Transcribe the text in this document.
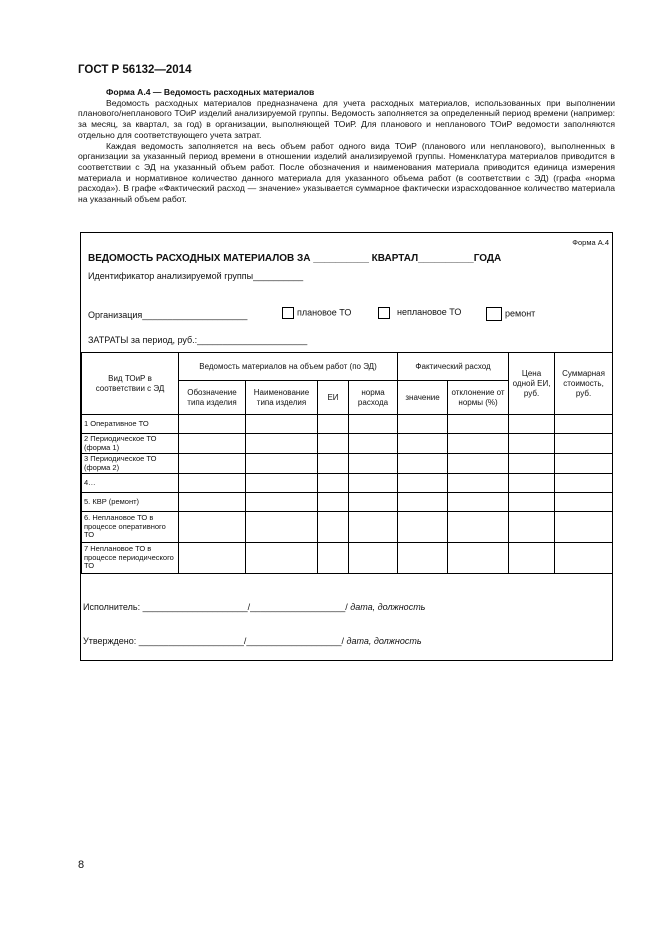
ГОСТ Р 56132—2014
Форма А.4 — Ведомость расходных материалов

Ведомость расходных материалов предназначена для учета расходных материалов, использованных при выполнении планового/непланового ТОиР изделий анализируемой группы. Ведомость заполняется за определенный период времени (например: за месяц, за квартал, за год) в организации, выполняющей ТОиР. Для планового и непланового ТОиР ведомости заполняются отдельно для соответствующего учета затрат.

Каждая ведомость заполняется на весь объем работ одного вида ТОиР (планового или непланового), выполненных в организации за указанный период времени в отношении изделий анализируемой группы. Номенклатура материалов приводится в соответствии с ЭД на указанный объем работ. После обозначения и наименования материала приводится единица измерения материала и нормативное количество данного материала для указанного объема работ (в соответствии с ЭД) (графа «норма расхода»). В графе «Фактический расход — значение» указывается суммарное фактически израсходованное количество материала на указанный объем работ.

Форма А.4
ВЕДОМОСТЬ РАСХОДНЫХ МАТЕРИАЛОВ ЗА __________ КВАРТАЛ__________ГОДА
Идентификатор анализируемой группы__________
Организация_____________________	плановое ТО	неплановое ТО	ремонт
ЗАТРАТЫ за период, руб.:______________________
Вид ТОиР в соответствии с ЭД	Ведомость материалов на объем работ (по ЭД)				Фактический расход		Цена одной ЕИ, руб.	Суммарная стоимость, руб.
	Обозначение типа изделия	Наименование типа изделия	ЕИ	норма расхода	значение	отклонение от нормы (%)		
1 Оперативное ТО								
2 Периодическое ТО (форма 1)								
3 Периодическое ТО (форма 2)								
4…								
5. КВР (ремонт)								
6. Неплановое ТО в процессе оперативного ТО								
7 Неплановое ТО в процессе периодического ТО								
Исполнитель: _____________________/___________________/ дата, должность
Утверждено: _____________________/___________________/ дата, должность
8
